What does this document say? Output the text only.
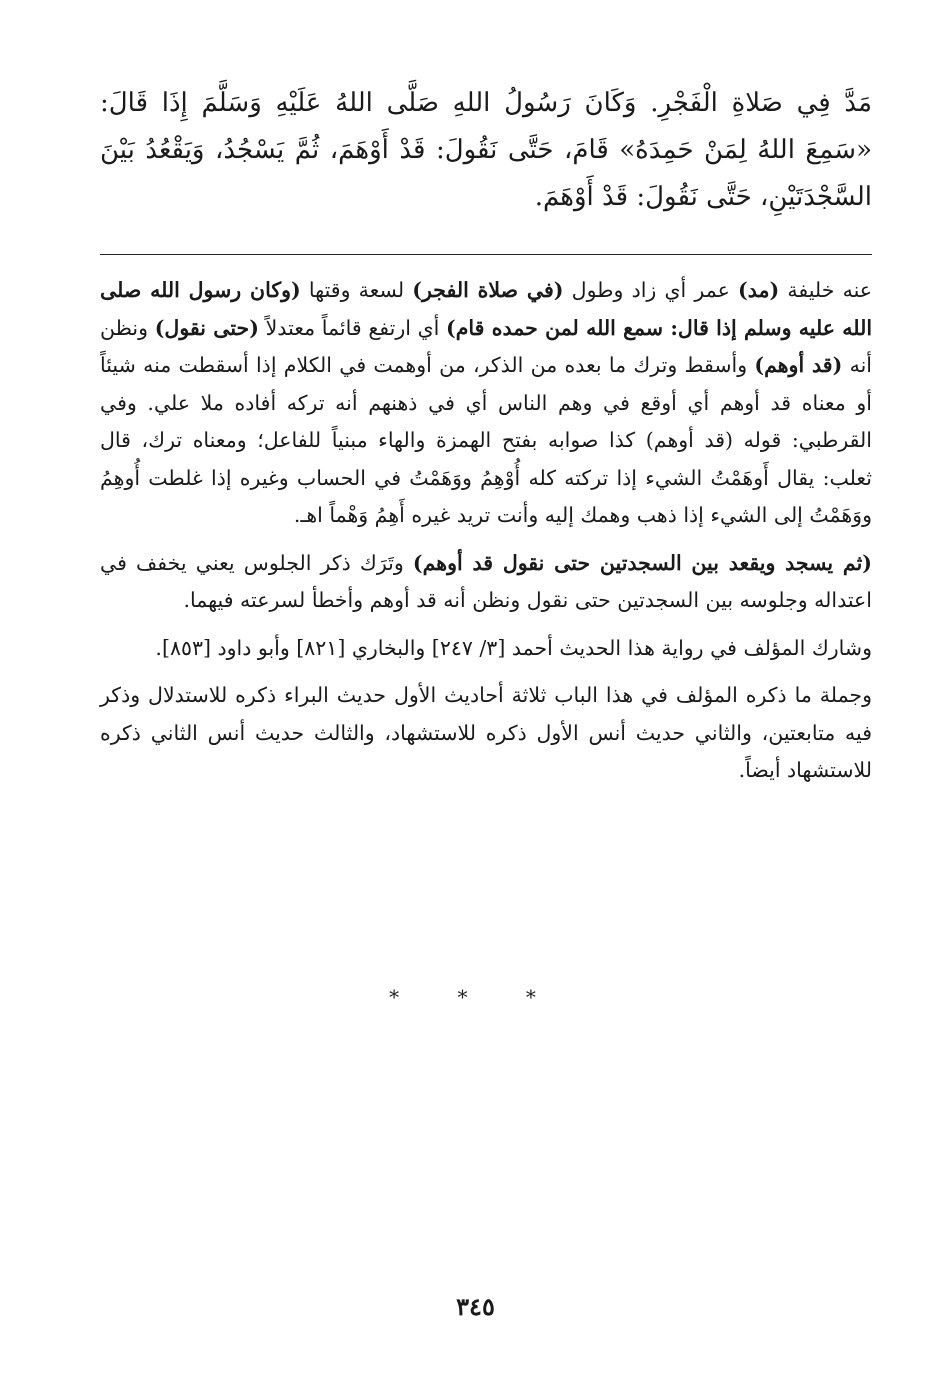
مَدَّ فِي صَلاةِ الْفَجْرِ. وَكَانَ رَسُولُ اللهِ صَلَّى اللهُ عَلَيْهِ وَسَلَّمَ إِذَا قَالَ: «سَمِعَ اللهُ لِمَنْ حَمِدَهُ» قَامَ، حَتَّى نَقُولَ: قَدْ أَوْهَمَ، ثُمَّ يَسْجُدُ، وَيَقْعُدُ بَيْنَ السَّجْدَتَيْنِ، حَتَّى نَقُولَ: قَدْ أَوْهَمَ.

عنه خليفة (مد) عمر أي زاد وطول (في صلاة الفجر) لسعة وقتها (وكان رسول الله صلى الله عليه وسلم إذا قال: سمع الله لمن حمده قام) أي ارتفع قائماً معتدلاً (حتى نقول) ونظن أنه (قد أوهم) وأسقط وترك ما بعده من الذكر، من أوهمت في الكلام إذا أسقطت منه شيئاً أو معناه قد أوهم أي أوقع في وهم الناس أي في ذهنهم أنه تركه أفاده ملا علي. وفي القرطبي: قوله (قد أوهم) كذا صوابه بفتح الهمزة والهاء مبنياً للفاعل؛ ومعناه ترك، قال ثعلب: يقال أَوهَمْتُ الشيء إذا تركته كله أُوْهِمُ ووَهَمْتُ في الحساب وغيره إذا غلطت أُوهِمُ ووَهَمْتُ إلى الشيء إذا ذهب وهمك إليه وأنت تريد غيره أَهِمُ وَهْماً اهـ.

(ثم يسجد ويقعد بين السجدتين حتى نقول قد أوهم) وتَرَك ذكر الجلوس يعني يخفف في اعتداله وجلوسه بين السجدتين حتى نقول ونظن أنه قد أوهم وأخطأ لسرعته فيهما.

وشارك المؤلف في رواية هذا الحديث أحمد [٣/ ٢٤٧] والبخاري [٨٢١] وأبو داود [٨٥٣].

وجملة ما ذكره المؤلف في هذا الباب ثلاثة أحاديث الأول حديث البراء ذكره للاستدلال وذكر فيه متابعتين، والثاني حديث أنس الأول ذكره للاستشهاد، والثالث حديث أنس الثاني ذكره للاستشهاد أيضاً.

* * *
٣٤٥
